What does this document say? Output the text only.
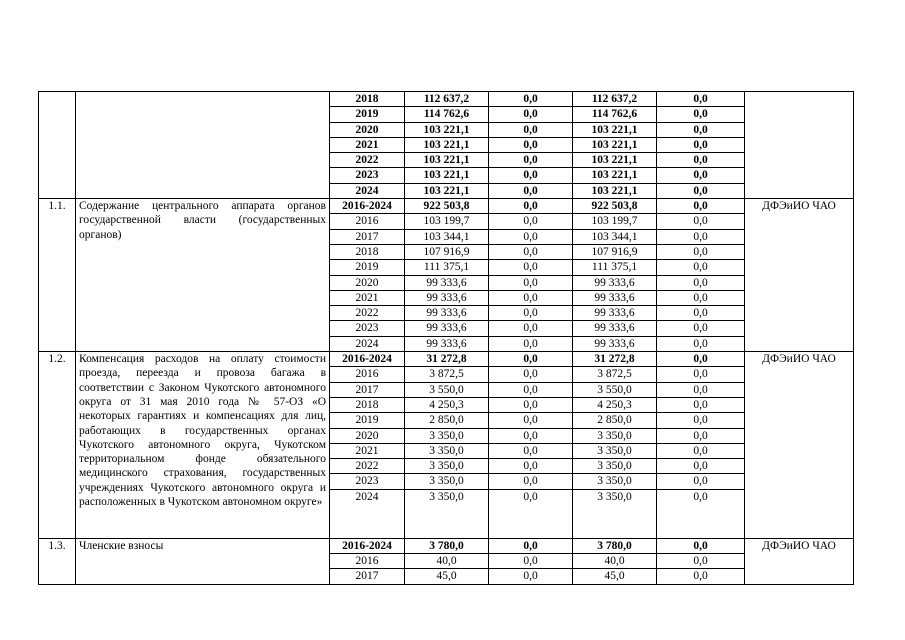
		2018	112 637,2	0,0	112 637,2	0,0	
		2019	114 762,6	0,0	114 762,6	0,0	
		2020	103 221,1	0,0	103 221,1	0,0	
		2021	103 221,1	0,0	103 221,1	0,0	
		2022	103 221,1	0,0	103 221,1	0,0	
		2023	103 221,1	0,0	103 221,1	0,0	
		2024	103 221,1	0,0	103 221,1	0,0	
1.1.	Содержание центрального аппарата органов государственной власти (государственных органов)	2016-2024	922 503,8	0,0	922 503,8	0,0	ДФЭиИО ЧАО
		2016	103 199,7	0,0	103 199,7	0,0	
		2017	103 344,1	0,0	103 344,1	0,0	
		2018	107 916,9	0,0	107 916,9	0,0	
		2019	111 375,1	0,0	111 375,1	0,0	
		2020	99 333,6	0,0	99 333,6	0,0	
		2021	99 333,6	0,0	99 333,6	0,0	
		2022	99 333,6	0,0	99 333,6	0,0	
		2023	99 333,6	0,0	99 333,6	0,0	
		2024	99 333,6	0,0	99 333,6	0,0	
1.2.	Компенсация расходов на оплату стоимости проезда, переезда и провоза багажа в соответствии с Законом Чукотского автономного округа от 31 мая 2010 года № 57-ОЗ «О некоторых гарантиях и компенсациях для лиц, работающих в государственных органах Чукотского автономного округа, Чукотском территориальном фонде обязательного медицинского страхования, государственных учреждениях Чукотского автономного округа и расположенных в Чукотском автономном округе»	2016-2024	31 272,8	0,0	31 272,8	0,0	ДФЭиИО ЧАО
		2016	3 872,5	0,0	3 872,5	0,0	
		2017	3 550,0	0,0	3 550,0	0,0	
		2018	4 250,3	0,0	4 250,3	0,0	
		2019	2 850,0	0,0	2 850,0	0,0	
		2020	3 350,0	0,0	3 350,0	0,0	
		2021	3 350,0	0,0	3 350,0	0,0	
		2022	3 350,0	0,0	3 350,0	0,0	
		2023	3 350,0	0,0	3 350,0	0,0	
		2024	3 350,0	0,0	3 350,0	0,0	
1.3.	Членские взносы	2016-2024	3 780,0	0,0	3 780,0	0,0	ДФЭиИО ЧАО
		2016	40,0	0,0	40,0	0,0	
		2017	45,0	0,0	45,0	0,0	
